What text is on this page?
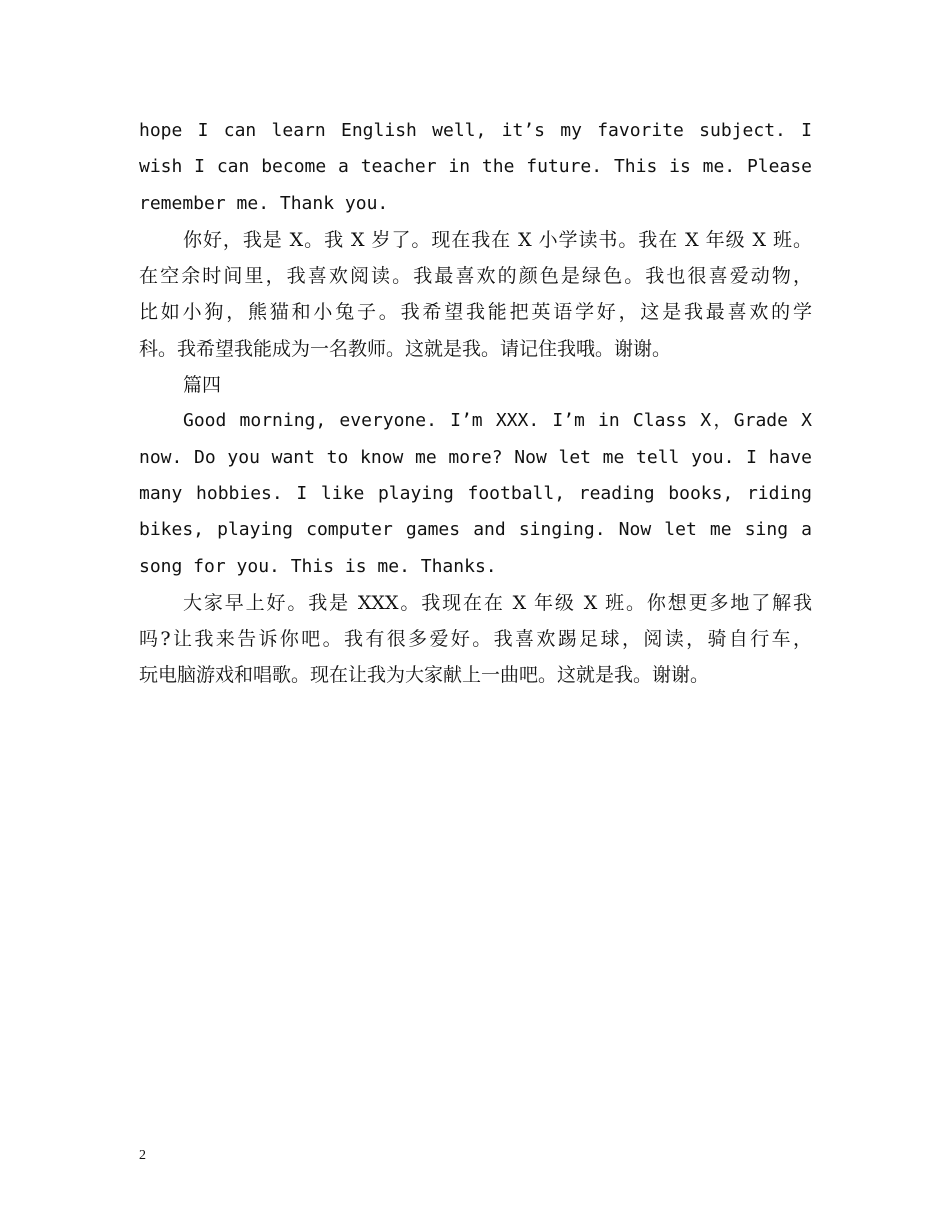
hope I can learn English well, it’s my favorite subject. I
wish I can become a teacher in the future. This is me. Please
remember me. Thank you.
你好，我是 X。我 X 岁了。现在我在 X 小学读书。我在 X 年级 X 班。
在空余时间里，我喜欢阅读。我最喜欢的颜色是绿色。我也很喜爱动物，
比如小狗，熊猫和小兔子。我希望我能把英语学好，这是我最喜欢的学
科。我希望我能成为一名教师。这就是我。请记住我哦。谢谢。
篇四
Good morning, everyone. I’m XXX. I’m in Class X，Grade X
now. Do you want to know me more? Now let me tell you. I have
many hobbies. I like playing football, reading books, riding
bikes, playing computer games and singing. Now let me sing a
song for you. This is me. Thanks.
大家早上好。我是 XXX。我现在在 X 年级 X 班。你想更多地了解我
吗?让我来告诉你吧。我有很多爱好。我喜欢踢足球，阅读，骑自行车，
玩电脑游戏和唱歌。现在让我为大家献上一曲吧。这就是我。谢谢。
2
